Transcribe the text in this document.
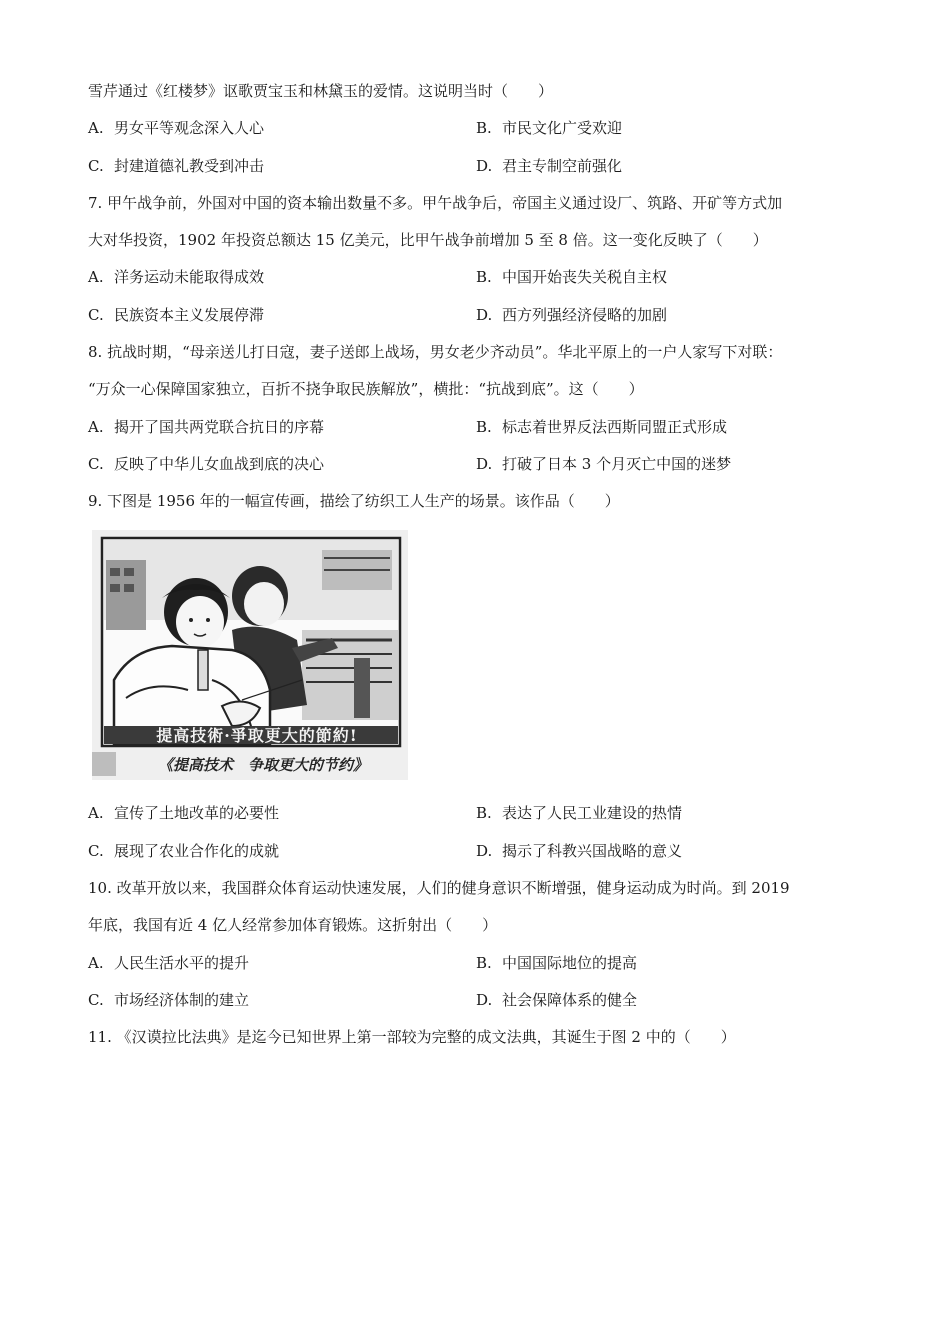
雪芹通过《红楼梦》讴歌贾宝玉和林黛玉的爱情。这说明当时（　　）
A. 男女平等观念深入人心	B. 市民文化广受欢迎
C. 封建道德礼教受到冲击	D. 君主专制空前强化
7. 甲午战争前，外国对中国的资本输出数量不多。甲午战争后，帝国主义通过设厂、筑路、开矿等方式加
大对华投资，1902 年投资总额达 15 亿美元，比甲午战争前增加 5 至 8 倍。这一变化反映了（　　）
A. 洋务运动未能取得成效	B. 中国开始丧失关税自主权
C. 民族资本主义发展停滞	D. 西方列强经济侵略的加剧
8. 抗战时期，“母亲送儿打日寇，妻子送郎上战场，男女老少齐动员”。华北平原上的一户人家写下对联：
“万众一心保障国家独立，百折不挠争取民族解放”，横批：“抗战到底”。这（　　）
A. 揭开了国共两党联合抗日的序幕	B. 标志着世界反法西斯同盟正式形成
C. 反映了中华儿女血战到底的决心	D. 打破了日本 3 个月灭亡中国的迷梦
9. 下图是 1956 年的一幅宣传画，描绘了纺织工人生产的场景。该作品（　　）
提高技術·爭取更大的節約!
《提高技术　争取更大的节约》
A. 宣传了土地改革的必要性	B. 表达了人民工业建设的热情
C. 展现了农业合作化的成就	D. 揭示了科教兴国战略的意义
10. 改革开放以来，我国群众体育运动快速发展，人们的健身意识不断增强，健身运动成为时尚。到 2019
年底，我国有近 4 亿人经常参加体育锻炼。这折射出（　　）
A. 人民生活水平的提升	B. 中国国际地位的提高
C. 市场经济体制的建立	D. 社会保障体系的健全
11. 《汉谟拉比法典》是迄今已知世界上第一部较为完整的成文法典，其诞生于图 2 中的（　　）
